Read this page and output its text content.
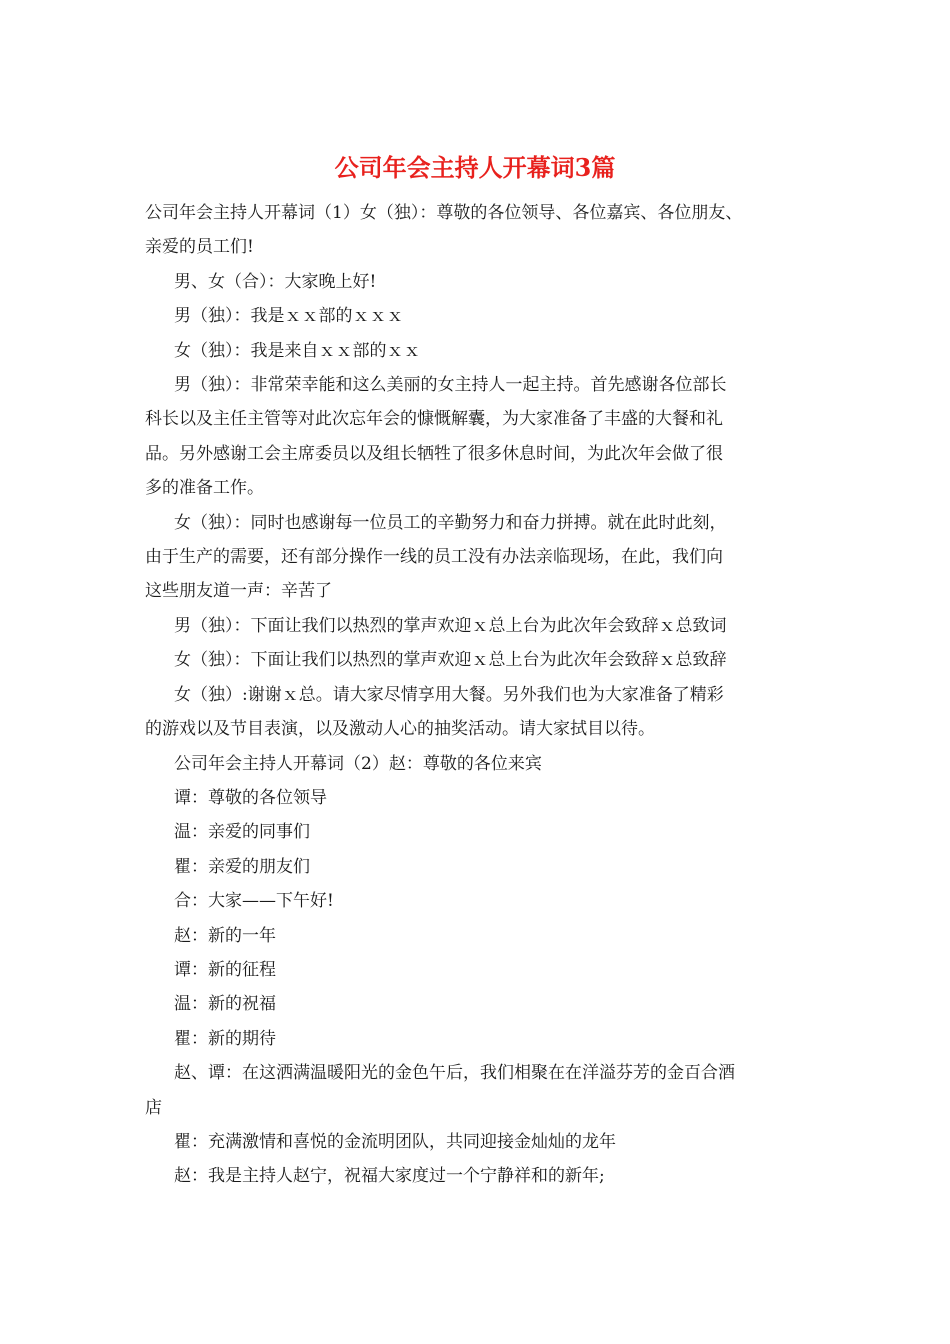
公司年会主持人开幕词3篇

公司年会主持人开幕词（1）女（独）：尊敬的各位领导、各位嘉宾、各位朋友、

亲爱的员工们!

男、女（合）：大家晚上好!

男（独）：我是ｘｘ部的ｘｘｘ

女（独）：我是来自ｘｘ部的ｘｘ

男（独）：非常荣幸能和这么美丽的女主持人一起主持。首先感谢各位部长

科长以及主任主管等对此次忘年会的慷慨解囊，为大家准备了丰盛的大餐和礼

品。另外感谢工会主席委员以及组长牺牲了很多休息时间，为此次年会做了很

多的准备工作。

女（独）：同时也感谢每一位员工的辛勤努力和奋力拼搏。就在此时此刻，

由于生产的需要，还有部分操作一线的员工没有办法亲临现场，在此，我们向

这些朋友道一声：辛苦了

男（独）：下面让我们以热烈的掌声欢迎ｘ总上台为此次年会致辞ｘ总致词

女（独）：下面让我们以热烈的掌声欢迎ｘ总上台为此次年会致辞ｘ总致辞

女（独）:谢谢ｘ总。请大家尽情享用大餐。另外我们也为大家准备了精彩

的游戏以及节目表演，以及激动人心的抽奖活动。请大家拭目以待。

公司年会主持人开幕词（2）赵：尊敬的各位来宾

谭：尊敬的各位领导

温：亲爱的同事们

瞿：亲爱的朋友们

合：大家——下午好!

赵：新的一年

谭：新的征程

温：新的祝福

瞿：新的期待

赵、谭：在这洒满温暖阳光的金色午后，我们相聚在在洋溢芬芳的金百合酒

店

瞿：充满激情和喜悦的金流明团队，共同迎接金灿灿的龙年

赵：我是主持人赵宁，祝福大家度过一个宁静祥和的新年;
